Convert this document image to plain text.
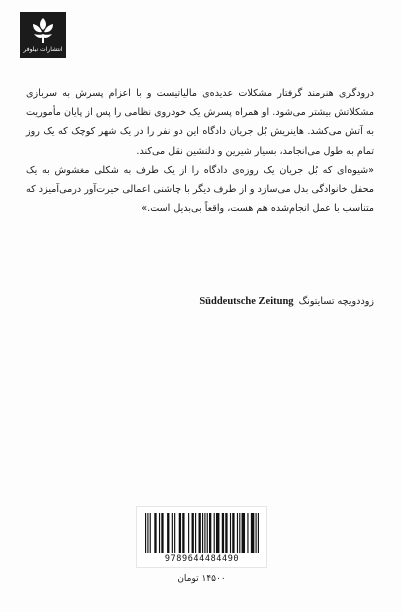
انتشارات نیلوفر

درودگری هنرمند گرفتار مشکلات عدیده‌ی مالیاتیست و با اعزام پسرش به سربازی مشکلاتش بیشتر می‌شود. او همراه پسرش یک خودروی نظامی را پس از پایان مأموریت به آتش می‌کشد. هاینریش بُل جریان دادگاه این دو نفر را در یک شهر کوچک که یک روز تمام به طول می‌انجامد، بسیار شیرین و دلنشین نقل می‌کند.

«شیوه‌ای که بُل جریان یک روزه‌ی دادگاه را از یک طرف به شکلی مغشوش به یک محفل خانوادگی بدل می‌سازد و از طرف دیگر با چاشنی اعمالی حیرت‌آور درمی‌آمیزد که متناسب با عمل انجام‌شده هم هست، واقعاً بی‌بدیل است.»

Süddeutsche Zeitung زوددویچه تسایتونگ
9789644484490
۱۴۵۰۰ تومان
